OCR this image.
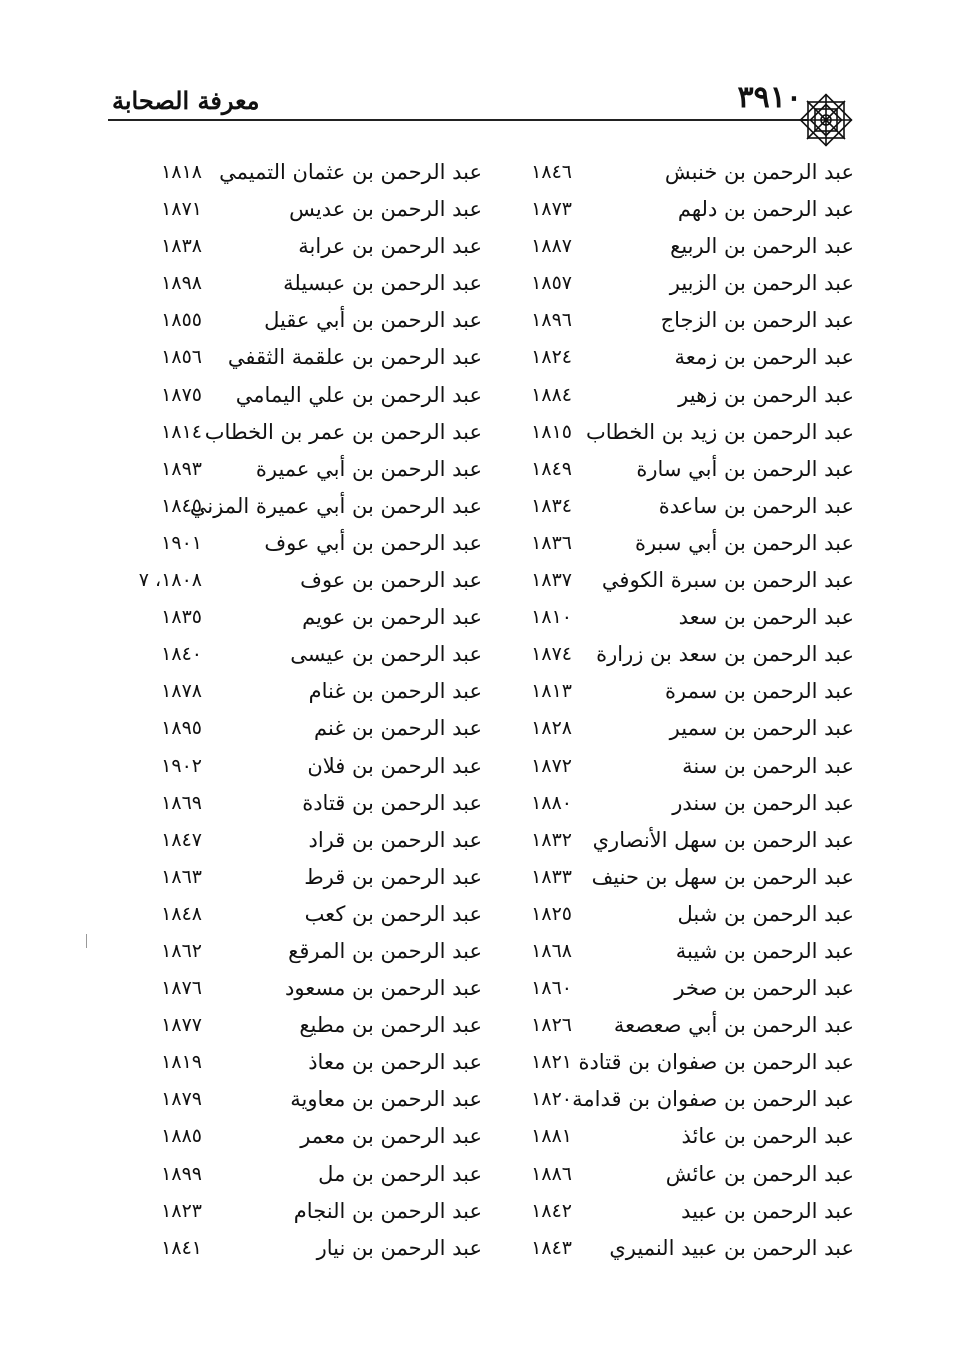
معرفة الصحابة	٣٩١٠
عبد الرحمن بن خنبش
١٨٤٦
عبد الرحمن بن عثمان التميمي
١٨١٨
عبد الرحمن بن دلهم
١٨٧٣
عبد الرحمن بن عديس
١٨٧١
عبد الرحمن بن الربيع
١٨٨٧
عبد الرحمن بن عرابة
١٨٣٨
عبد الرحمن بن الزبير
١٨٥٧
عبد الرحمن بن عبسيلة
١٨٩٨
عبد الرحمن بن الزجاج
١٨٩٦
عبد الرحمن بن أبي عقيل
١٨٥٥
عبد الرحمن بن زمعة
١٨٢٤
عبد الرحمن بن علقمة الثقفي
١٨٥٦
عبد الرحمن بن زهير
١٨٨٤
عبد الرحمن بن علي اليمامي
١٨٧٥
عبد الرحمن بن زيد بن الخطاب
١٨١٥
عبد الرحمن بن عمر بن الخطاب
١٨١٤
عبد الرحمن بن أبي سارة
١٨٤٩
عبد الرحمن بن أبي عميرة
١٨٩٣
عبد الرحمن بن ساعدة
١٨٣٤
عبد الرحمن بن أبي عميرة المزني
١٨٤٥
عبد الرحمن بن أبي سبرة
١٨٣٦
عبد الرحمن بن أبي عوف
١٩٠١
عبد الرحمن بن سبرة الكوفي
١٨٣٧
عبد الرحمن بن عوف
١٨٠٨، ٧
عبد الرحمن بن سعد
١٨١٠
عبد الرحمن بن عويم
١٨٣٥
عبد الرحمن بن سعد بن زرارة
١٨٧٤
عبد الرحمن بن عيسى
١٨٤٠
عبد الرحمن بن سمرة
١٨١٣
عبد الرحمن بن غنام
١٨٧٨
عبد الرحمن بن سمير
١٨٢٨
عبد الرحمن بن غنم
١٨٩٥
عبد الرحمن بن سنة
١٨٧٢
عبد الرحمن بن فلان
١٩٠٢
عبد الرحمن بن سندر
١٨٨٠
عبد الرحمن بن قتادة
١٨٦٩
عبد الرحمن بن سهل الأنصاري
١٨٣٢
عبد الرحمن بن قراد
١٨٤٧
عبد الرحمن بن سهل بن حنيف
١٨٣٣
عبد الرحمن بن قرط
١٨٦٣
عبد الرحمن بن شبل
١٨٢٥
عبد الرحمن بن كعب
١٨٤٨
عبد الرحمن بن شيبة
١٨٦٨
عبد الرحمن بن المرقع
١٨٦٢
عبد الرحمن بن صخر
١٨٦٠
عبد الرحمن بن مسعود
١٨٧٦
عبد الرحمن بن أبي صعصعة
١٨٢٦
عبد الرحمن بن مطيع
١٨٧٧
عبد الرحمن بن صفوان بن قتادة
١٨٢١
عبد الرحمن بن معاذ
١٨١٩
عبد الرحمن بن صفوان بن قدامة
١٨٢٠
عبد الرحمن بن معاوية
١٨٧٩
عبد الرحمن بن عائذ
١٨٨١
عبد الرحمن بن معمر
١٨٨٥
عبد الرحمن بن عائش
١٨٨٦
عبد الرحمن بن مل
١٨٩٩
عبد الرحمن بن عبيد
١٨٤٢
عبد الرحمن بن النجام
١٨٢٣
عبد الرحمن بن عبيد النميري
١٨٤٣
عبد الرحمن بن نيار
١٨٤١
